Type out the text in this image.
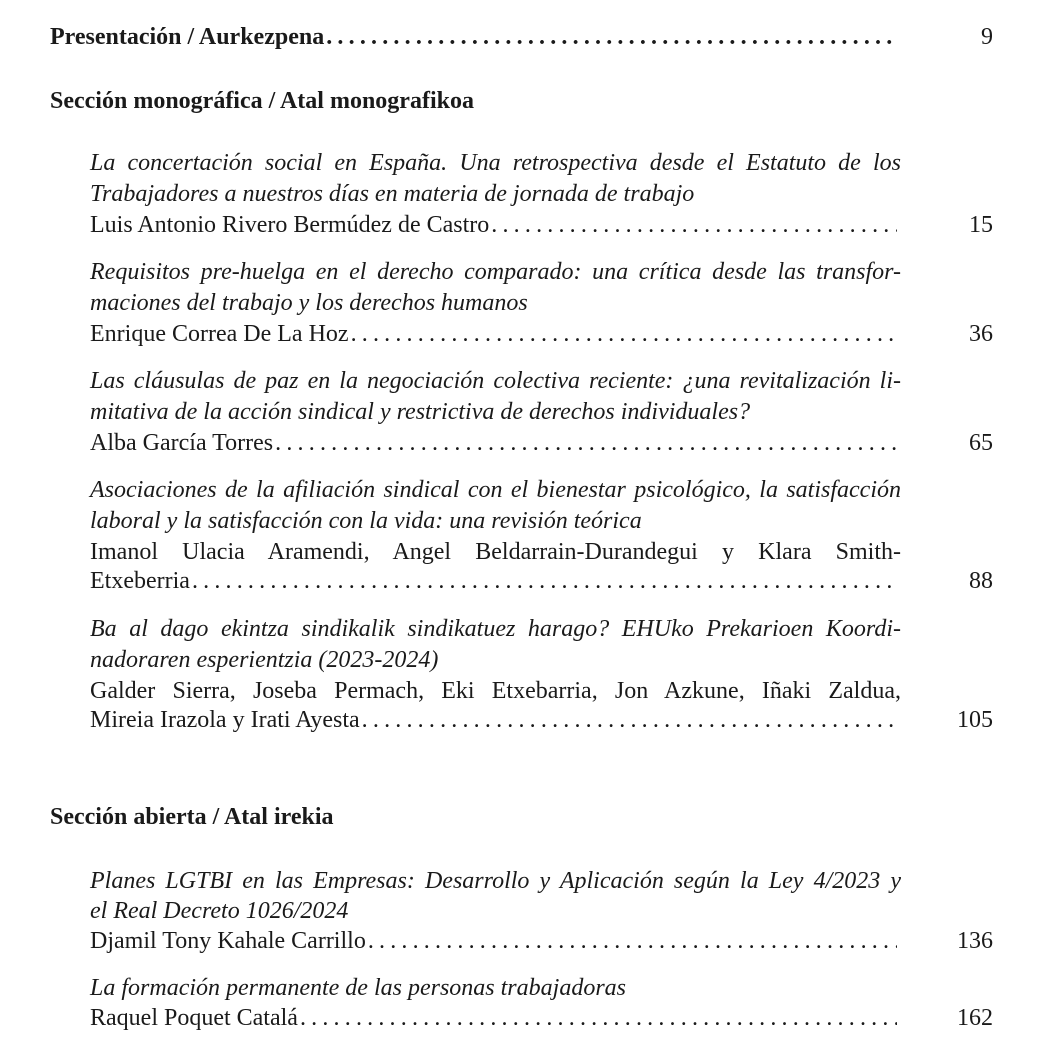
Presentación / Aurkezpena .....	9
Sección monográfica / Atal monografikoa
La concertación social en España. Una retrospectiva desde el Estatuto de los
Trabajadores a nuestros días en materia de jornada de trabajo
Luis Antonio Rivero Bermúdez de Castro .....	15
Requisitos pre-huelga en el derecho comparado: una crítica desde las transfor-
maciones del trabajo y los derechos humanos
Enrique Correa De La Hoz .....	36
Las cláusulas de paz en la negociación colectiva reciente: ¿una revitalización li-
mitativa de la acción sindical y restrictiva de derechos individuales?
Alba García Torres .....	65
Asociaciones de la afiliación sindical con el bienestar psicológico, la satisfacción
laboral y la satisfacción con la vida: una revisión teórica
Imanol Ulacia Aramendi, Angel Beldarrain-Durandegui y Klara Smith-
Etxeberria .....	88
Ba al dago ekintza sindikalik sindikatuez harago? EHUko Prekarioen Koordi-
nadoraren esperientzia (2023-2024)
Galder Sierra, Joseba Permach, Eki Etxebarria, Jon Azkune, Iñaki Zaldua,
Mireia Irazola y Irati Ayesta .....	105
Sección abierta / Atal irekia
Planes LGTBI en las Empresas: Desarrollo y Aplicación según la Ley 4/2023 y
el Real Decreto 1026/2024
Djamil Tony Kahale Carrillo .....	136
La formación permanente de las personas trabajadoras
Raquel Poquet Catalá .....	162
